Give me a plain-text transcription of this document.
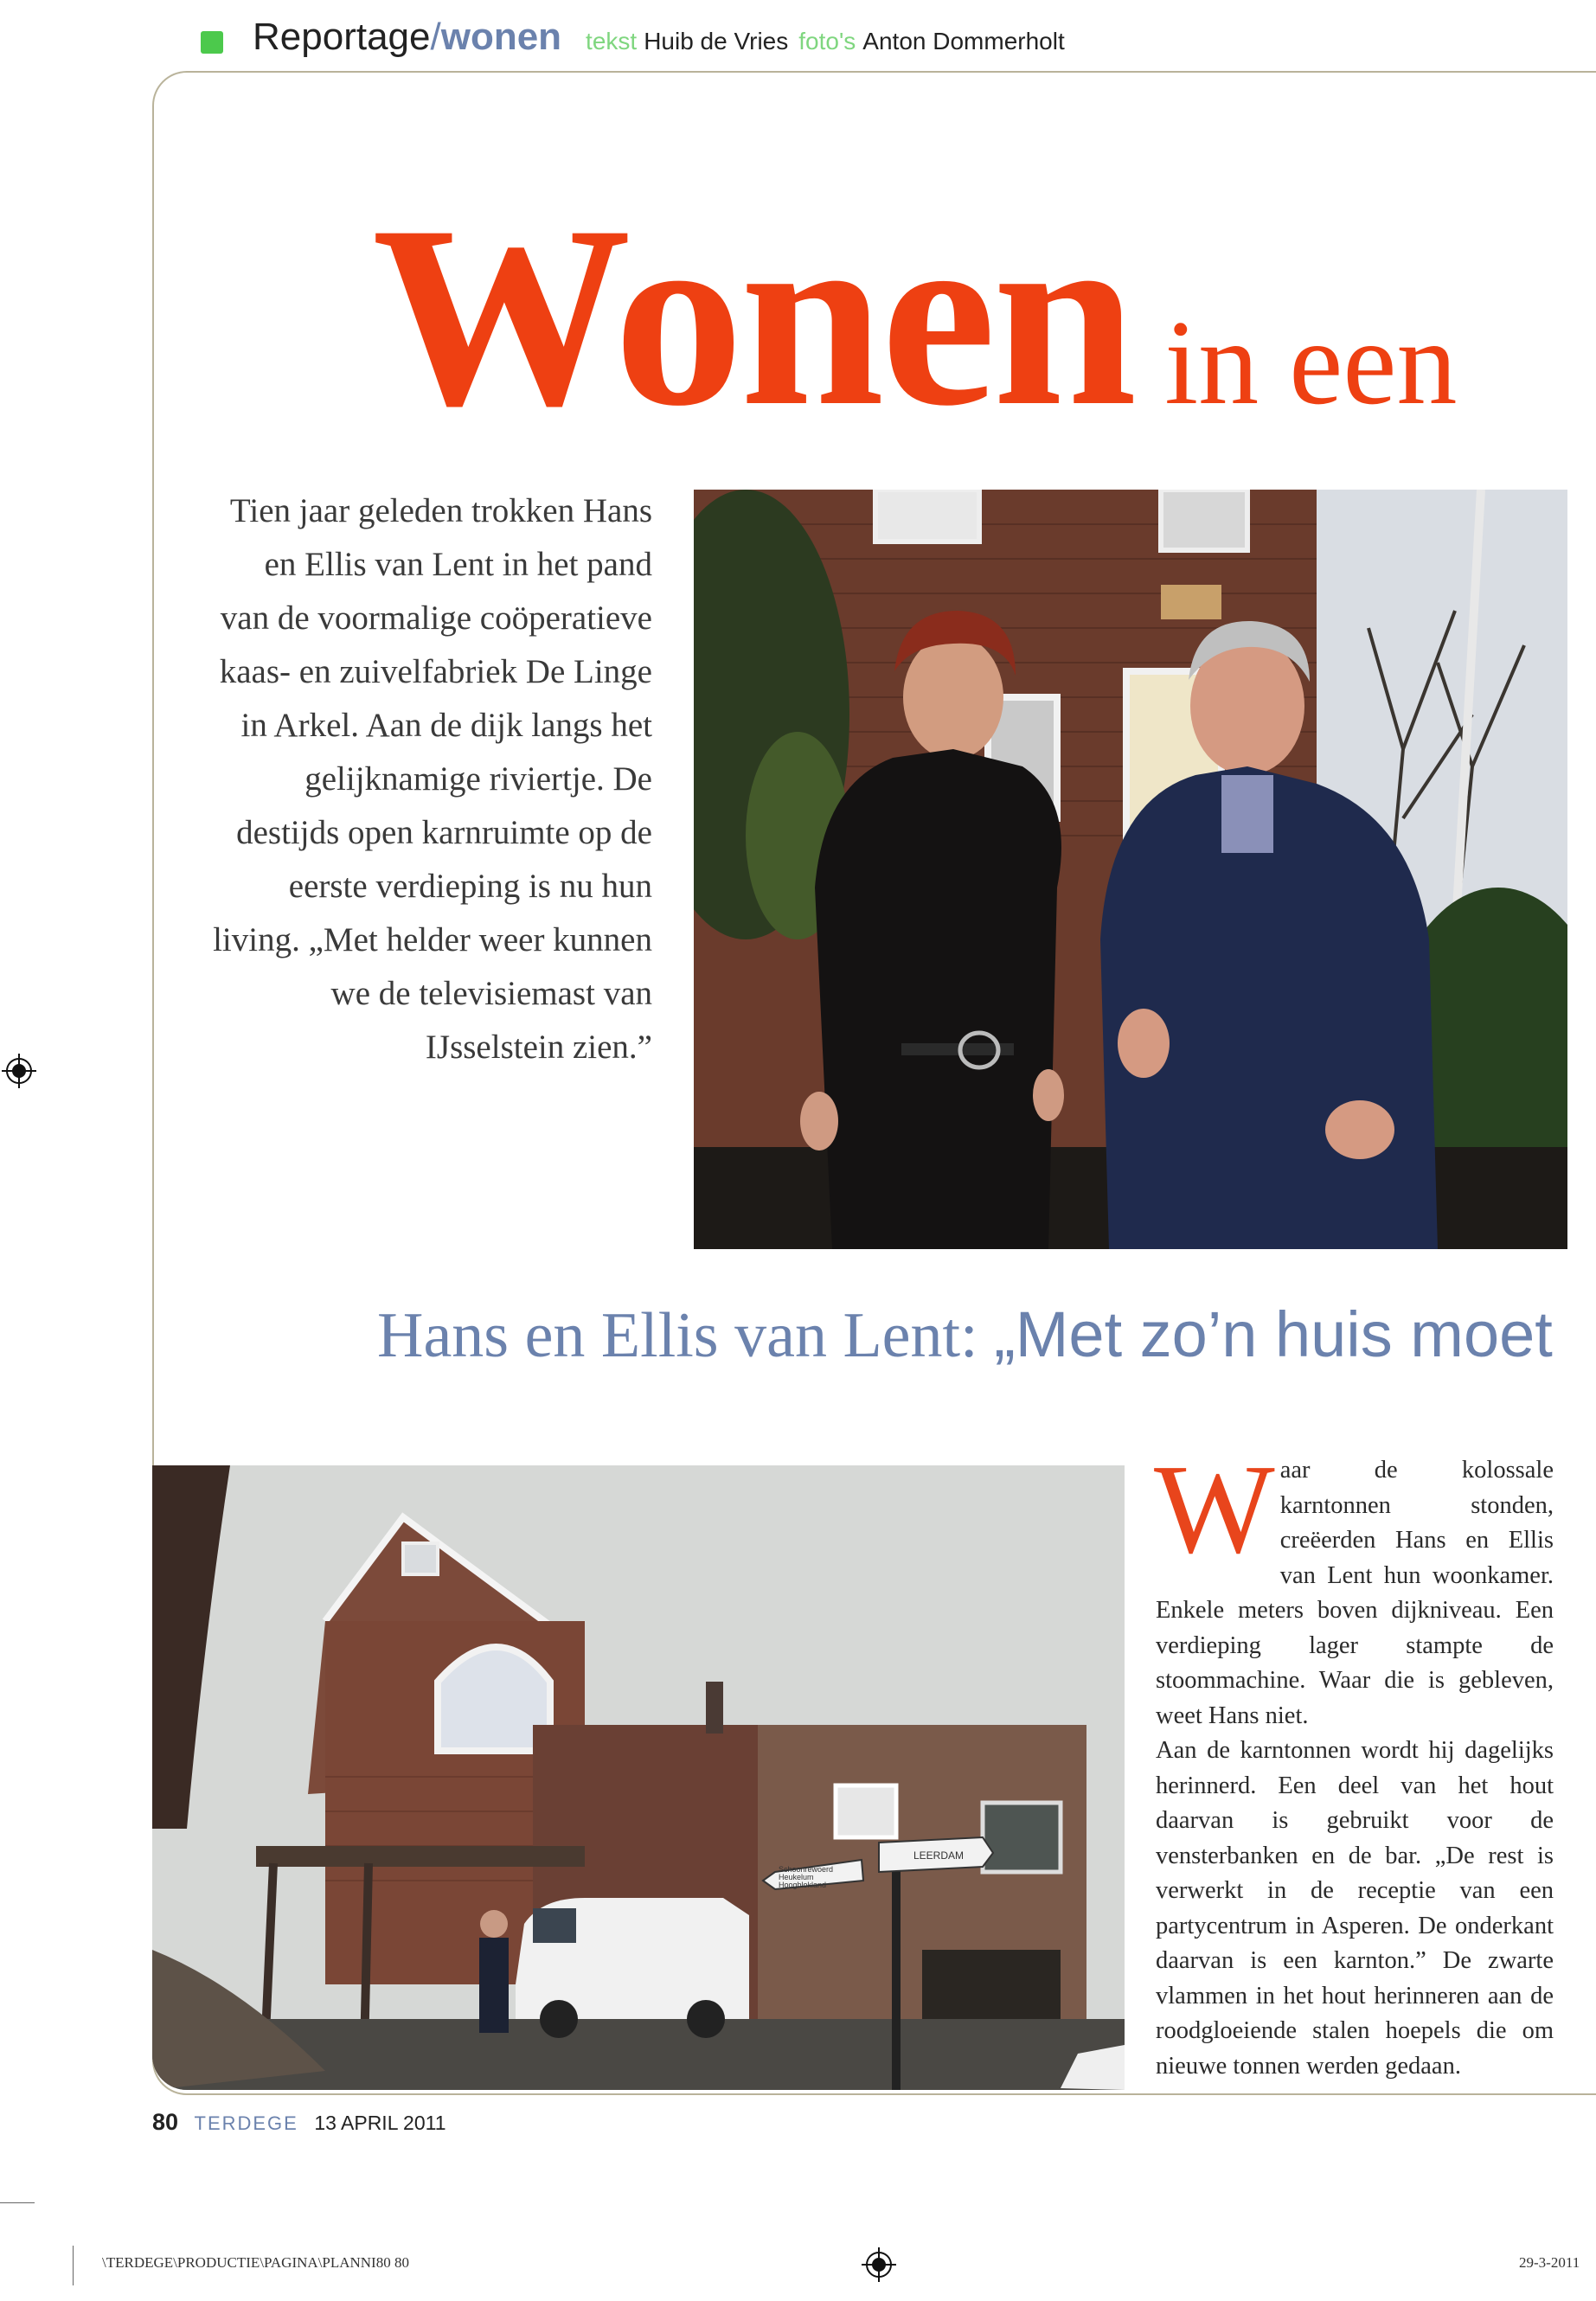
Reportage / wonen tekst Huib de Vries foto's Anton Dommerholt
Wonen in een
Tien jaar geleden trokken Hans en Ellis van Lent in het pand van de voormalige coöperatieve kaas- en zuivelfabriek De Linge in Arkel. Aan de dijk langs het gelijknamige riviertje. De destijds open karnruimte op de eerste verdieping is nu hun living. „Met helder weer kunnen we de televisiemast van IJsselstein zien.”
Hans en Ellis van Lent: „Met zo’n huis moet
Schoonrewoerd
Heukelum
Hoogblokland
LEERDAM
W aar de kolossale karntonnen stonden, creëerden Hans en Ellis van Lent hun woonkamer. Enkele meters boven dijkniveau. Een verdieping lager stampte de stoommachine. Waar die is gebleven, weet Hans niet.

Aan de karntonnen wordt hij dagelijks herinnerd. Een deel van het hout daarvan is gebruikt voor de vensterbanken en de bar. „De rest is verwerkt in de receptie van een partycentrum in Asperen. De onderkant daarvan is een karnton.” De zwarte vlammen in het hout herinneren aan de roodgloeiende stalen hoepels die om nieuwe tonnen werden gedaan.

80 TERDEGE 13 APRIL 2011
\TERDEGE\PRODUCTIE\PAGINA\PLANNI80 80	29-3-2011
